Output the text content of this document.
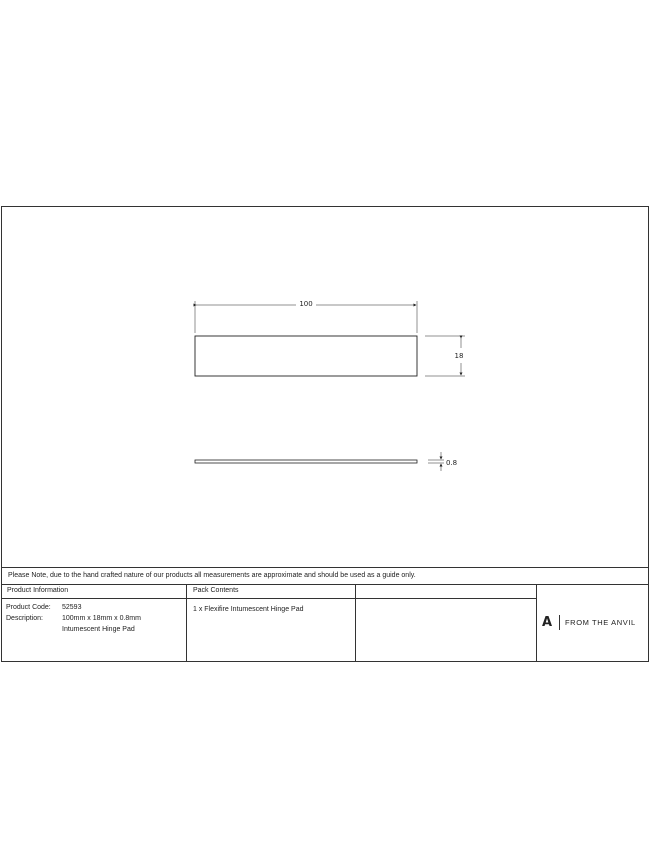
100
18
0.8
Please Note, due to the hand crafted nature of our products all measurements are approximate and should be used as a guide only.
Product Information
Product Code:	52593
Description:	100mm x 18mm x 0.8mm
Intumescent Hinge Pad
Pack Contents
1 x Flexifire Intumescent Hinge Pad
A	FROM THE ANVIL
